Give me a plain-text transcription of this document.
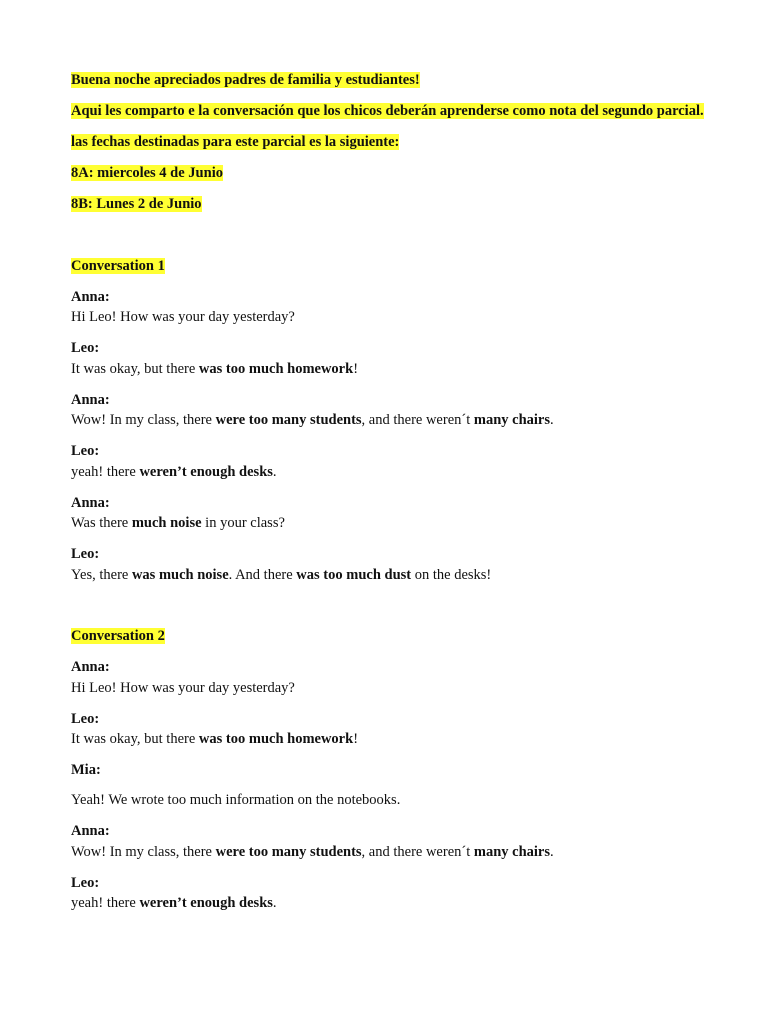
Buena noche apreciados padres de familia y estudiantes!

Aqui les comparto e la conversación que los chicos deberán aprenderse como nota del segundo parcial.

las fechas destinadas para este parcial es la siguiente:

8A: miercoles 4 de Junio

8B: Lunes 2 de Junio

Conversation 1

Anna:

Hi Leo! How was your day yesterday?

Leo:

It was okay, but there was too much homework!

Anna:

Wow! In my class, there were too many students, and there weren´t many chairs.

Leo:

yeah! there weren’t enough desks.

Anna:

Was there much noise in your class?

Leo:

Yes, there was much noise. And there was too much dust on the desks!

Conversation 2

Anna:

Hi Leo! How was your day yesterday?

Leo:

It was okay, but there was too much homework!

Mia:

Yeah! We wrote too much information on the notebooks.

Anna:

Wow! In my class, there were too many students, and there weren´t many chairs.

Leo:

yeah! there weren’t enough desks.
